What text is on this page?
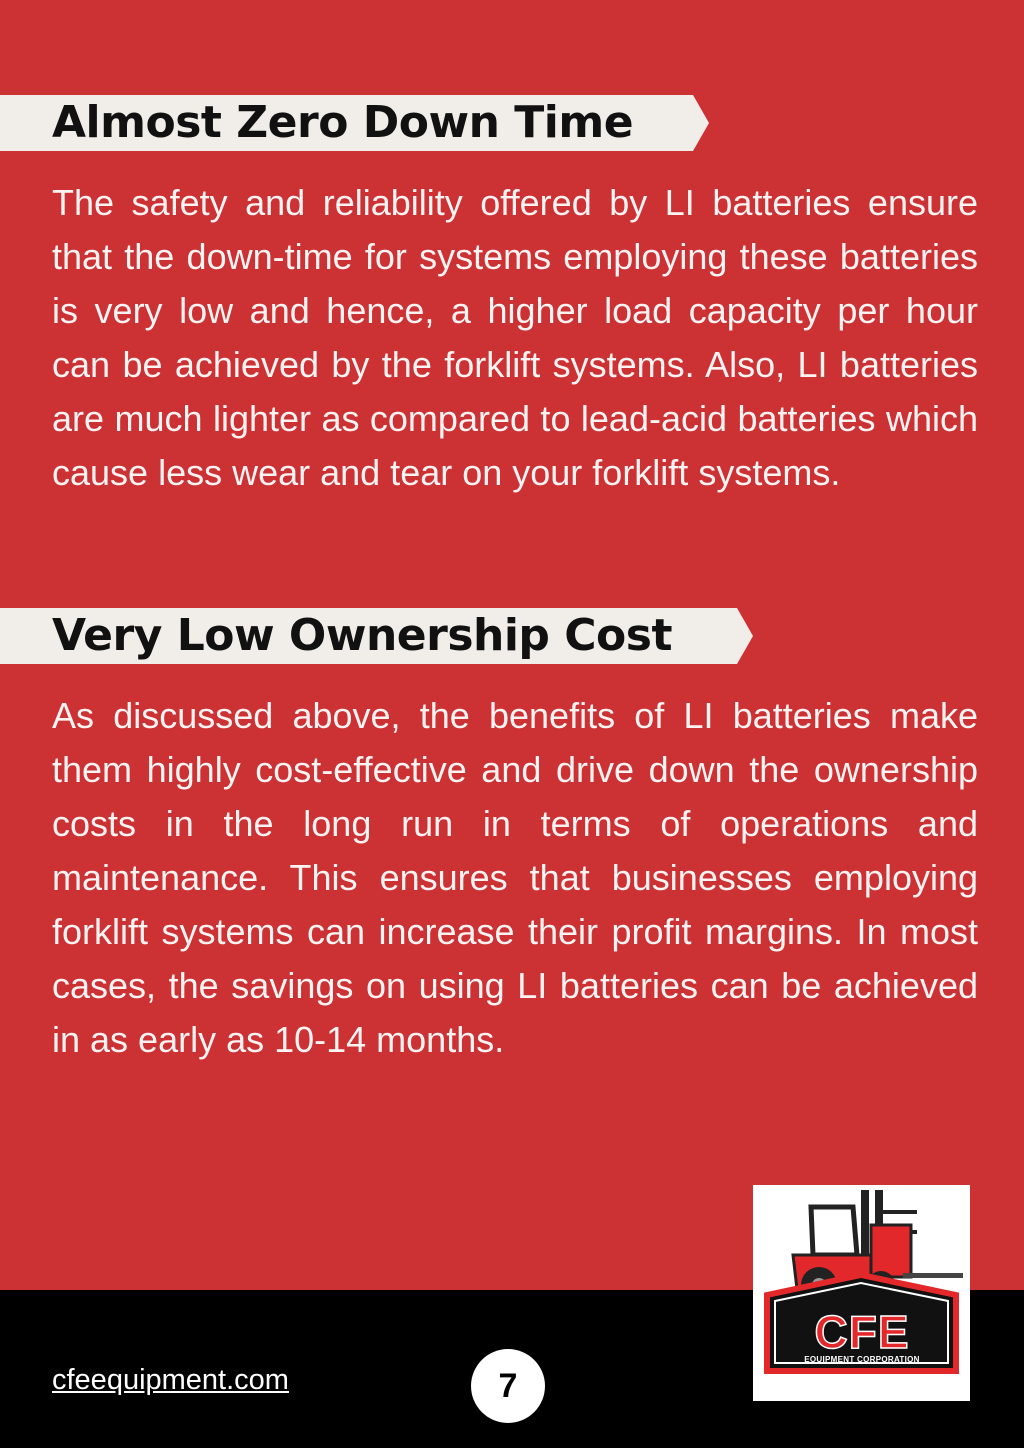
Almost Zero Down Time

The safety and reliability offered by LI batteries ensure that the down-time for systems employing these batteries is very low and hence, a higher load capacity per hour can be achieved by the forklift systems. Also, LI batteries are much lighter as compared to lead-acid batteries which cause less wear and tear on your forklift systems.

Very Low Ownership Cost

As discussed above, the benefits of LI batteries make them highly cost-effective and drive down the ownership costs in the long run in terms of operations and maintenance. This ensures that businesses employing forklift systems can increase their profit margins. In most cases, the savings on using LI batteries can be achieved in as early as 10-14 months.

cfeequipment.com	7
CFE
EQUIPMENT CORPORATION
